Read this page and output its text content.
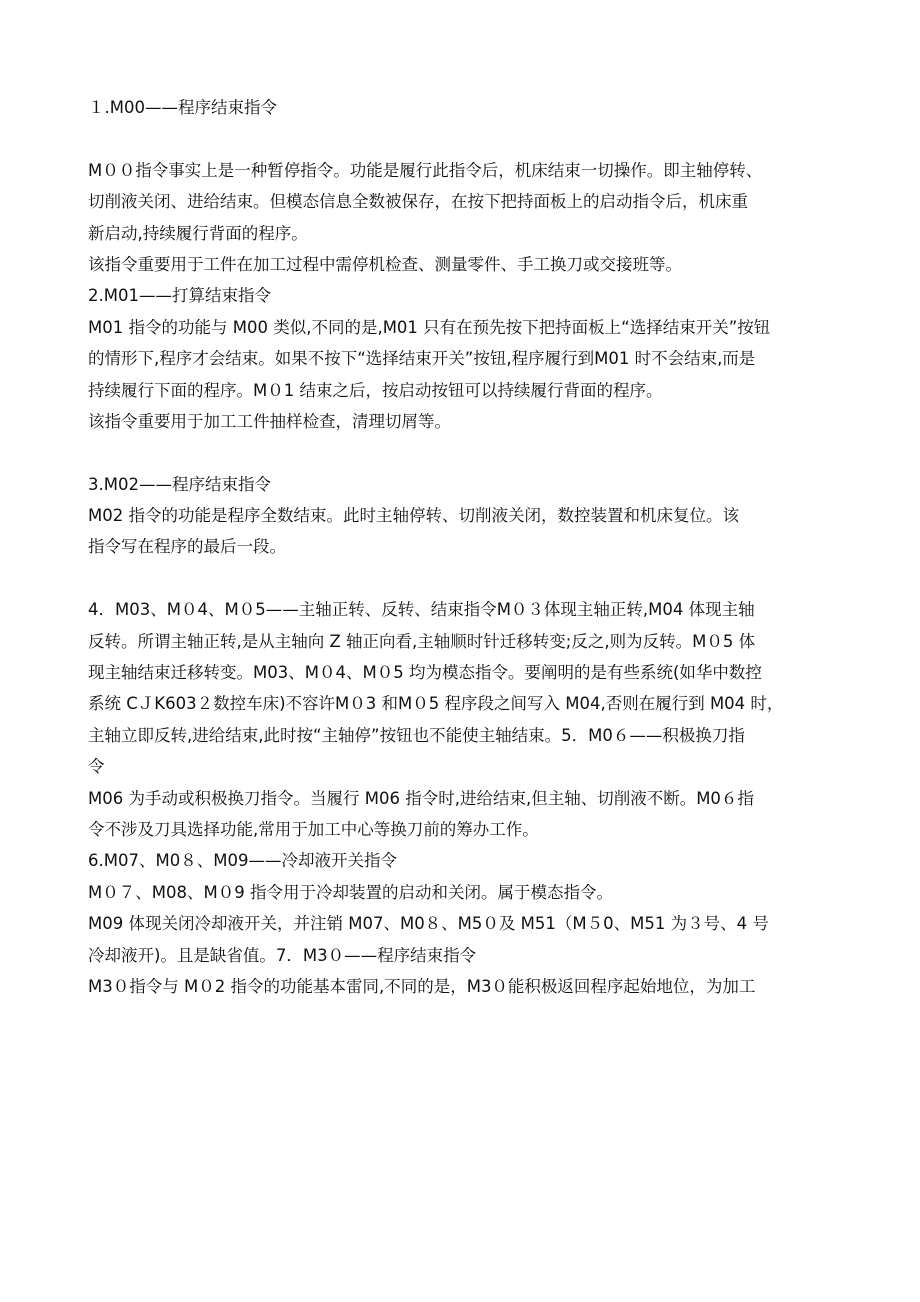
１.M00——程序结束指令
M００指令事实上是一种暂停指令。功能是履行此指令后，机床结束一切操作。即主轴停转、
切削液关闭、进给结束。但模态信息全数被保存，在按下把持面板上的启动指令后，机床重
新启动,持续履行背面的程序。﻿
该指令重要用于工件在加工过程中需停机检查、测量零件、手工换刀或交接班等。
2﻿.M01——打算结束指令﻿
M01 指令的功能与 M00 类似,不同的是,M01 只有在预先按下把持面板上“选择结束开关”按钮
的情形下,程序才会结束。如果不按下“选择结束开关”按钮,程序履行到M01 时不会结束,而是
持续履行下面的程序。M０1 结束之后，按启动按钮可以持续履行背面的程序。
﻿该指令重要用于加工工件抽样检查，清理切屑等。
3.M02——程序结束指令
﻿M02 指令的功能是程序全数结束。此时主轴停转、切削液关闭，数控装置和机床复位。该
指令写在程序的最后一段。
4．M03、M０4、M０5——主轴正转、反转、结束指令﻿M０３体现主轴正转,M04 体现主轴
反转。所谓主轴正转,是从主轴向 Z 轴正向看,主轴顺时针迁移转变;反之,则为反转。M０5 体
现主轴结束迁移转变。M03、M０4、M０5 均为模态指令。要阐明的是有些系统(如华中数控
系统 CＪK603２数控车床)不容许M０3 和M０5 程序段之间写入 M04,否则在履行到 M04 时，
主轴立即反转,进给结束,此时按“主轴停”按钮也不能使主轴结束。5﻿﻿．M0６——积极换刀指
令
﻿M06 为手动或积极换刀指令。当履行 M06 指令时,进给结束,但主轴、切削液不断。M0６指
令不涉及刀具选择功能,常用于加工中心等换刀前的筹办工作。
6﻿.M07、M0８、M09——冷却液开关指令﻿
M０７、M08、M０9 指令用于冷却装置的启动和关闭。属于模态指令。
﻿M09 体现关闭冷却液开关，并注销 M07、M0８、M5０及 M51（M５0、M51 为３号、4 号
冷却液开)。且是缺省值。7﻿﻿．M3０——程序结束指令
﻿M3０指令与 M０2 指令的功能基本雷同,不同的是，M3０能积极返回程序起始地位，为加工
